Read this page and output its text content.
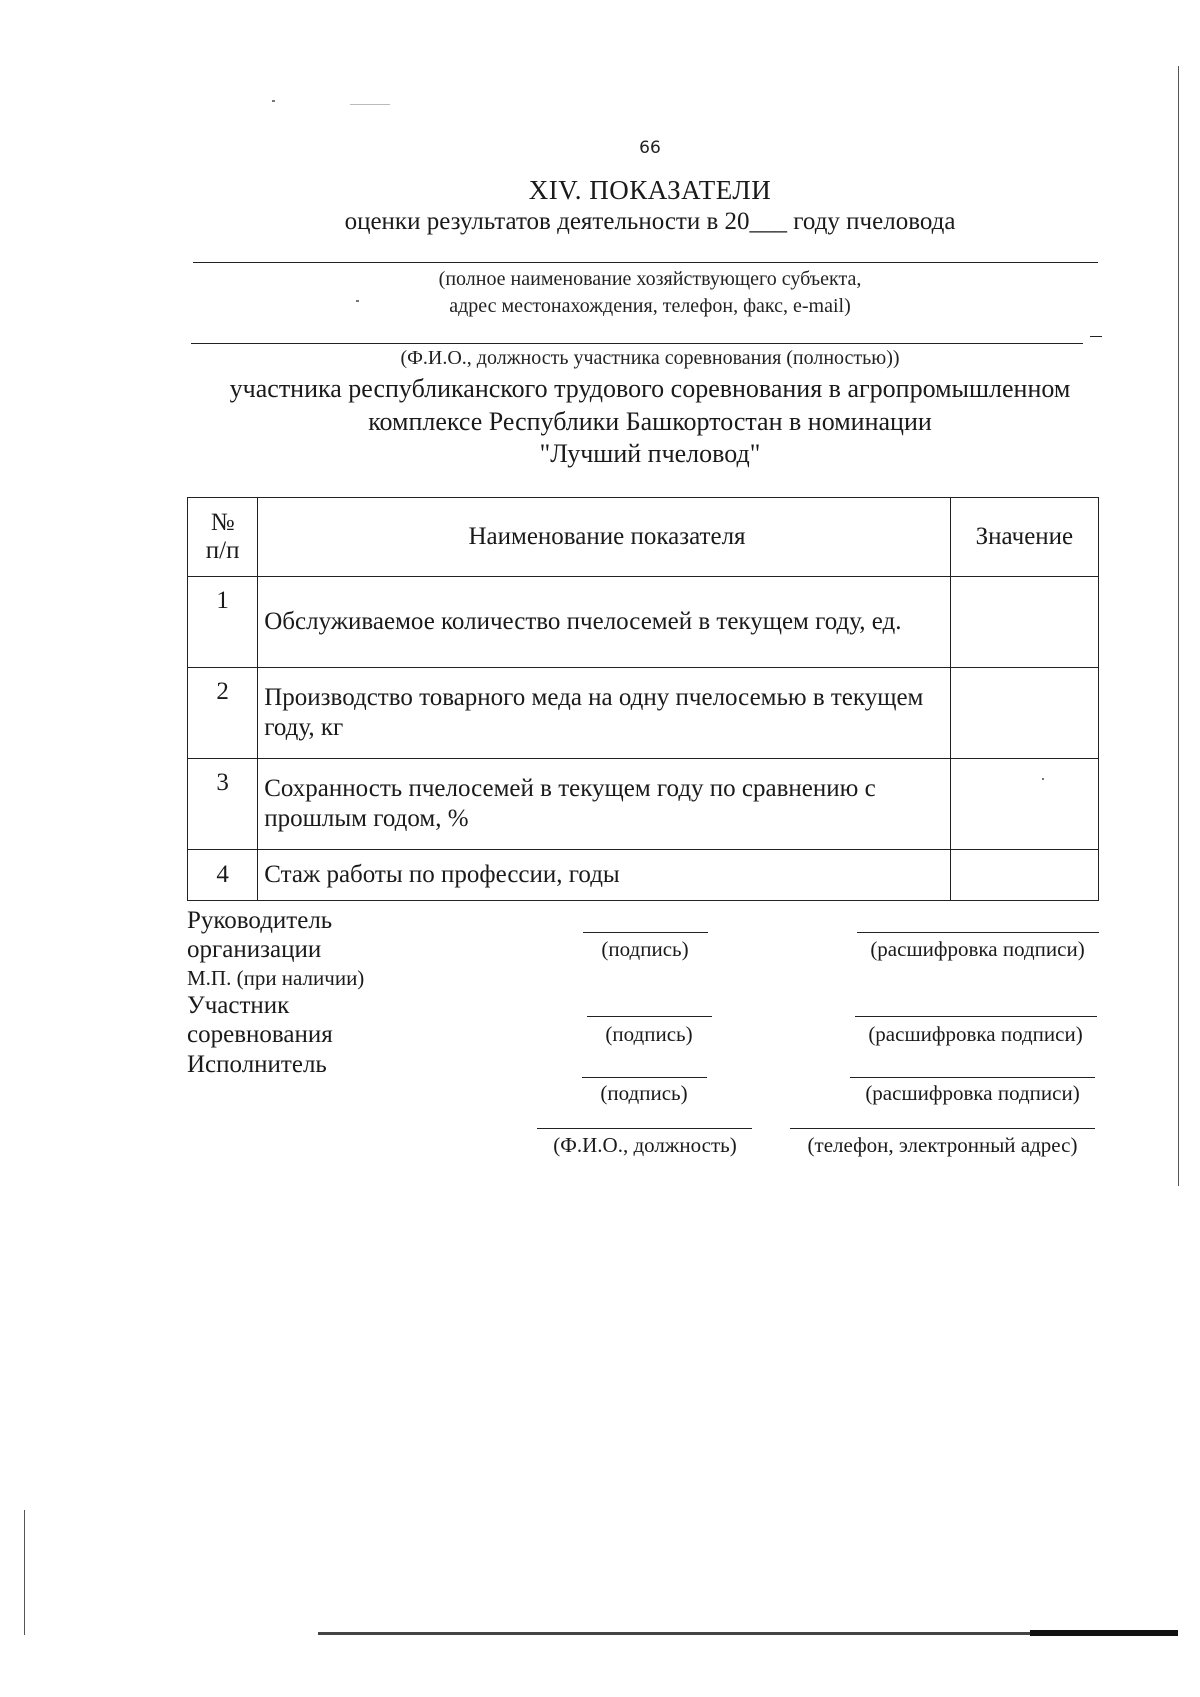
66
XIV. ПОКАЗАТЕЛИ
оценки результатов деятельности в 20___ году пчеловода
(полное наименование хозяйствующего субъекта,
адрес местонахождения, телефон, факс, e-mail)
(Ф.И.О., должность участника соревнования (полностью))
участника республиканского трудового соревнования в агропромышленном
комплексе Республики Башкортостан в номинации
"Лучший пчеловод"
№
п/п	Наименование показателя	Значение
1	Обслуживаемое количество пчелосемей в текущем году, ед.	
2	Производство товарного меда на одну пчелосемью в текущем году, кг	
3	Сохранность пчелосемей в текущем году по сравнению с прошлым годом, %	
4	Стаж работы по профессии, годы	
Руководитель
организации
М.П. (при наличии)
Участник
соревнования
Исполнитель
(подпись)	(расшифровка подписи)
(подпись)	(расшифровка подписи)
(подпись)	(расшифровка подписи)
(Ф.И.О., должность)	(телефон, электронный адрес)
